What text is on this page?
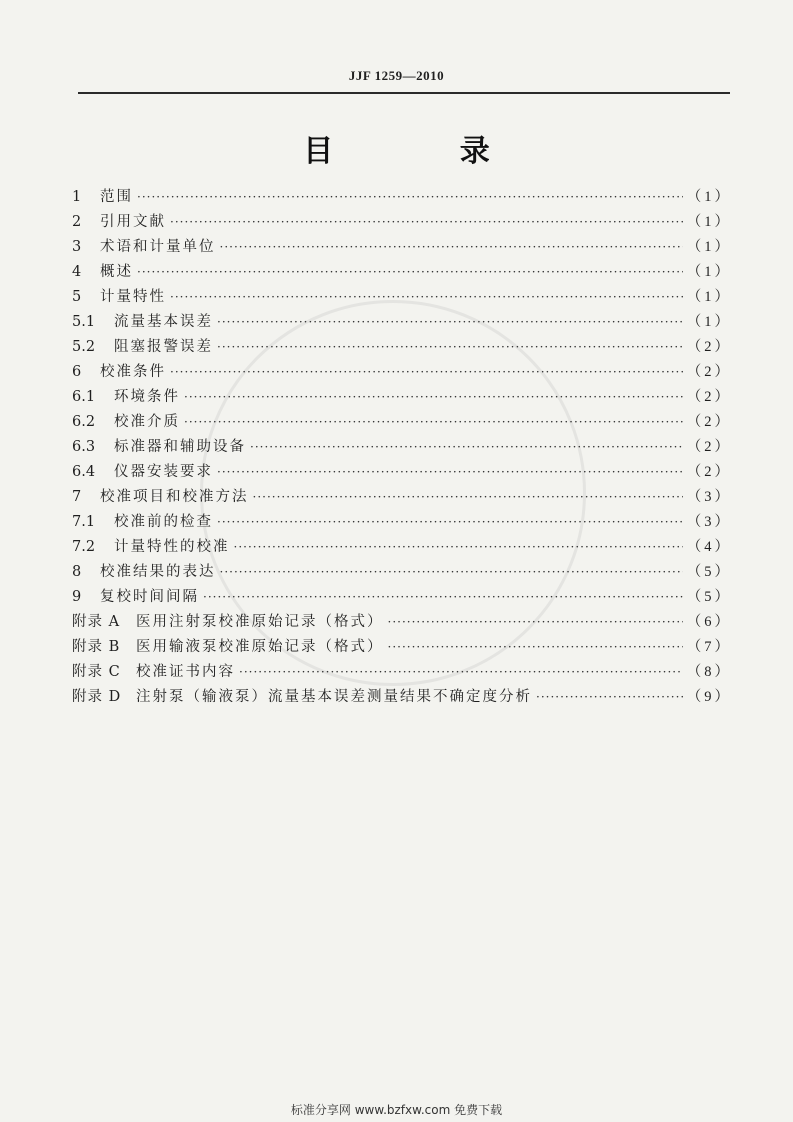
JJF 1259—2010
目 录
1	范围 ·····	（1）
2	引用文献 ·····	（1）
3	术语和计量单位 ·····	（1）
4	概述 ·····	（1）
5	计量特性 ·····	（1）
5.1	流量基本误差 ·····	（1）
5.2	阻塞报警误差 ·····	（2）
6	校准条件 ·····	（2）
6.1	环境条件 ·····	（2）
6.2	校准介质 ·····	（2）
6.3	标准器和辅助设备 ·····	（2）
6.4	仪器安装要求 ·····	（2）
7	校准项目和校准方法 ·····	（3）
7.1	校准前的检查 ·····	（3）
7.2	计量特性的校准 ·····	（4）
8	校准结果的表达 ·····	（5）
9	复校时间间隔 ·····	（5）
附录 A	医用注射泵校准原始记录（格式） ·····	（6）
附录 B	医用输液泵校准原始记录（格式） ·····	（7）
附录 C	校准证书内容 ·····	（8）
附录 D	注射泵（输液泵）流量基本误差测量结果不确定度分析 ·····	（9）
标准分享网 www.bzfxw.com 免费下载
